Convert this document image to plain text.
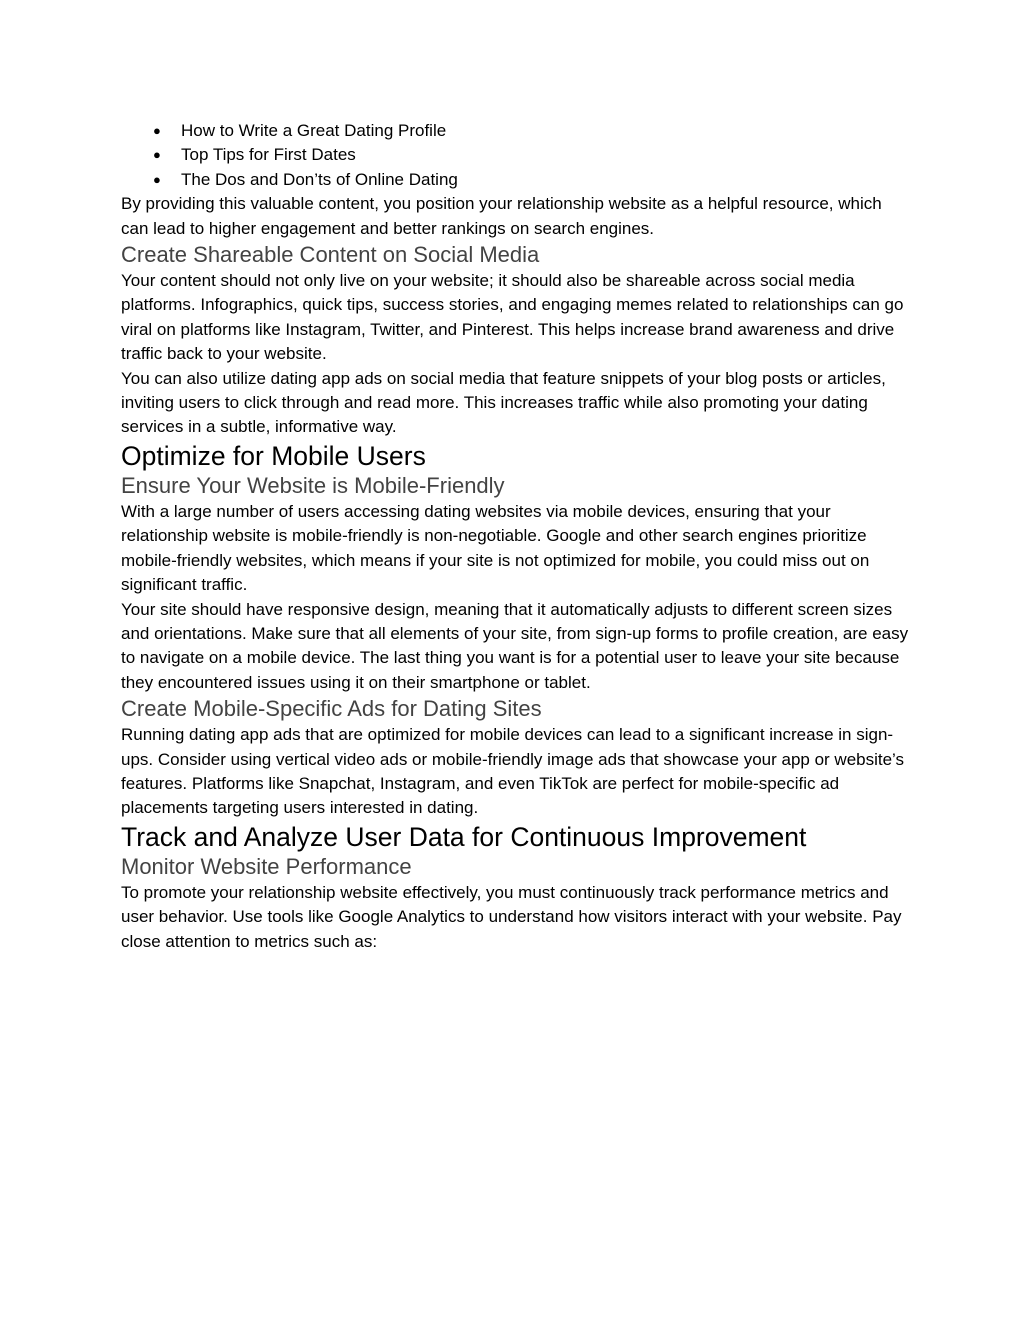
● How to Write a Great Dating Profile
● Top Tips for First Dates
● The Dos and Don’ts of Online Dating

By providing this valuable content, you position your relationship website as a helpful resource, which can lead to higher engagement and better rankings on search engines.

Create Shareable Content on Social Media

Your content should not only live on your website; it should also be shareable across social media platforms. Infographics, quick tips, success stories, and engaging memes related to relationships can go viral on platforms like Instagram, Twitter, and Pinterest. This helps increase brand awareness and drive traffic back to your website.

You can also utilize dating app ads on social media that feature snippets of your blog posts or articles, inviting users to click through and read more. This increases traffic while also promoting your dating services in a subtle, informative way.

Optimize for Mobile Users
Ensure Your Website is Mobile-Friendly

With a large number of users accessing dating websites via mobile devices, ensuring that your relationship website is mobile-friendly is non-negotiable. Google and other search engines prioritize mobile-friendly websites, which means if your site is not optimized for mobile, you could miss out on significant traffic.

Your site should have responsive design, meaning that it automatically adjusts to different screen sizes and orientations. Make sure that all elements of your site, from sign-up forms to profile creation, are easy to navigate on a mobile device. The last thing you want is for a potential user to leave your site because they encountered issues using it on their smartphone or tablet.

Create Mobile-Specific Ads for Dating Sites

Running dating app ads that are optimized for mobile devices can lead to a significant increase in sign-ups. Consider using vertical video ads or mobile-friendly image ads that showcase your app or website’s features. Platforms like Snapchat, Instagram, and even TikTok are perfect for mobile-specific ad placements targeting users interested in dating.

Track and Analyze User Data for Continuous Improvement
Monitor Website Performance

To promote your relationship website effectively, you must continuously track performance metrics and user behavior. Use tools like Google Analytics to understand how visitors interact with your website. Pay close attention to metrics such as:
